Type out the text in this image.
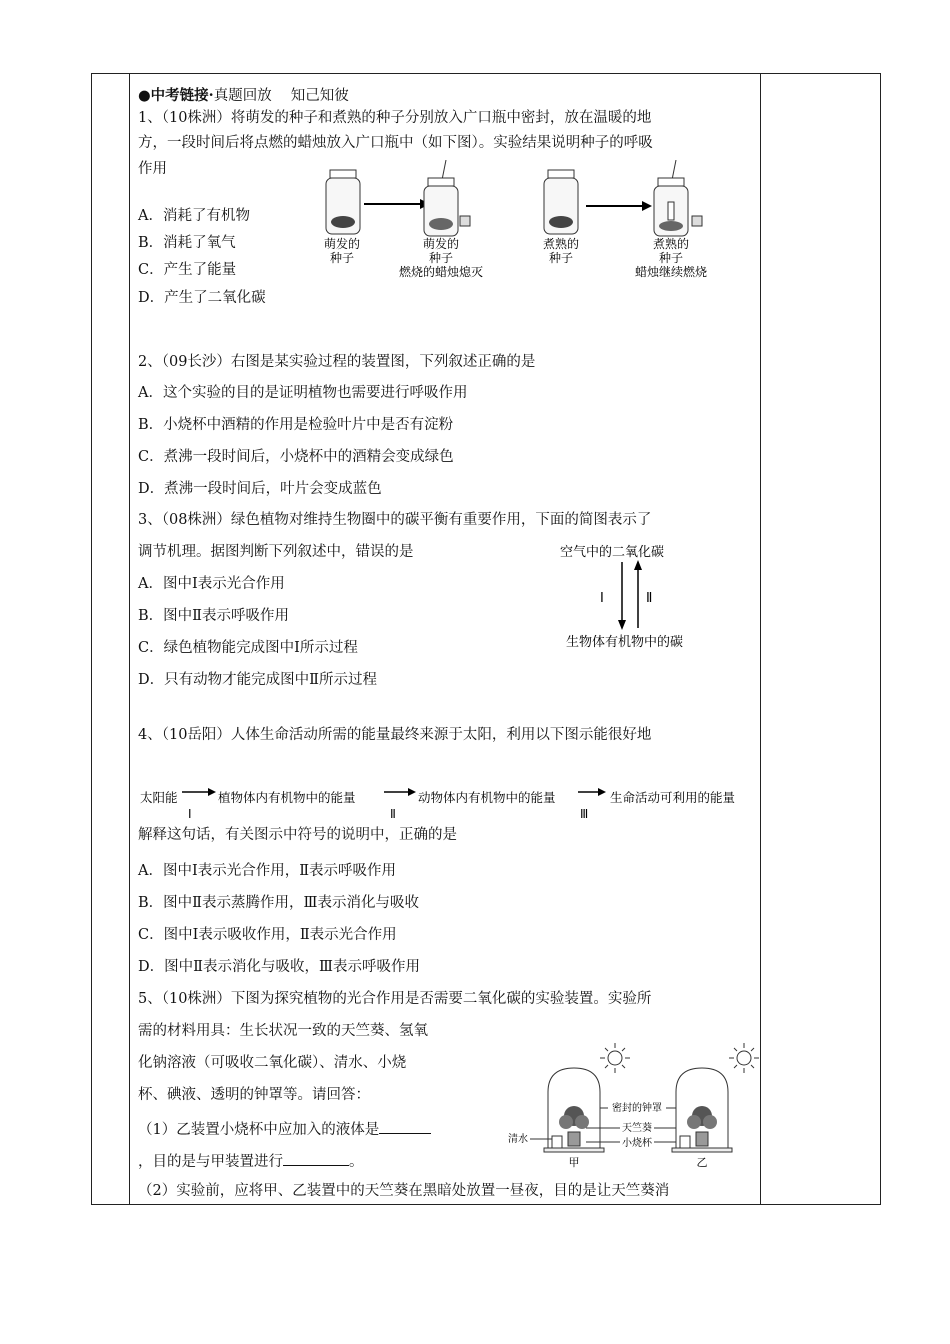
●中考链接·真题回放　 知己知彼
1、（10株洲）将萌发的种子和煮熟的种子分别放入广口瓶中密封，放在温暖的地
方，一段时间后将点燃的蜡烛放入广口瓶中（如下图）。实验结果说明种子的呼吸
作用
A．消耗了有机物
B．消耗了氧气
C．产生了能量
D．产生了二氧化碳
2、（09长沙）右图是某实验过程的装置图，下列叙述正确的是
A．这个实验的目的是证明植物也需要进行呼吸作用
B．小烧杯中酒精的作用是检验叶片中是否有淀粉
C．煮沸一段时间后，小烧杯中的酒精会变成绿色
D．煮沸一段时间后，叶片会变成蓝色
3、（08株洲）绿色植物对维持生物圈中的碳平衡有重要作用，下面的简图表示了
调节机理。据图判断下列叙述中，错误的是
A．图中Ⅰ表示光合作用
B．图中Ⅱ表示呼吸作用
C．绿色植物能完成图中Ⅰ所示过程
D．只有动物才能完成图中Ⅱ所示过程
4、（10岳阳）人体生命活动所需的能量最终来源于太阳，利用以下图示能很好地
解释这句话，有关图示中符号的说明中，正确的是
A．图中Ⅰ表示光合作用，Ⅱ表示呼吸作用
B．图中Ⅱ表示蒸腾作用，Ⅲ表示消化与吸收
C．图中Ⅰ表示吸收作用，Ⅱ表示光合作用
D．图中Ⅱ表示消化与吸收，Ⅲ表示呼吸作用
5、（10株洲）下图为探究植物的光合作用是否需要二氧化碳的实验装置。实验所
需的材料用具：生长状况一致的天竺葵、氢氧
化钠溶液（可吸收二氧化碳）、清水、小烧
杯、碘液、透明的钟罩等。请回答：
（1）乙装置小烧杯中应加入的液体是
，目的是与甲装置进行	。
（2）实验前，应将甲、乙装置中的天竺葵在黑暗处放置一昼夜，目的是让天竺葵消
萌发的
种子
萌发的
种子
燃烧的蜡烛熄灭
煮熟的
种子
煮熟的
种子
蜡烛继续燃烧
空气中的二氧化碳
Ⅰ	Ⅱ
生物体有机物中的碳
太阳能
Ⅰ
植物体内有机物中的能量
Ⅱ
动物体内有机物中的能量
Ⅲ
生命活动可利用的能量
密封的钟罩
天竺葵
小烧杯
清水
甲	乙
